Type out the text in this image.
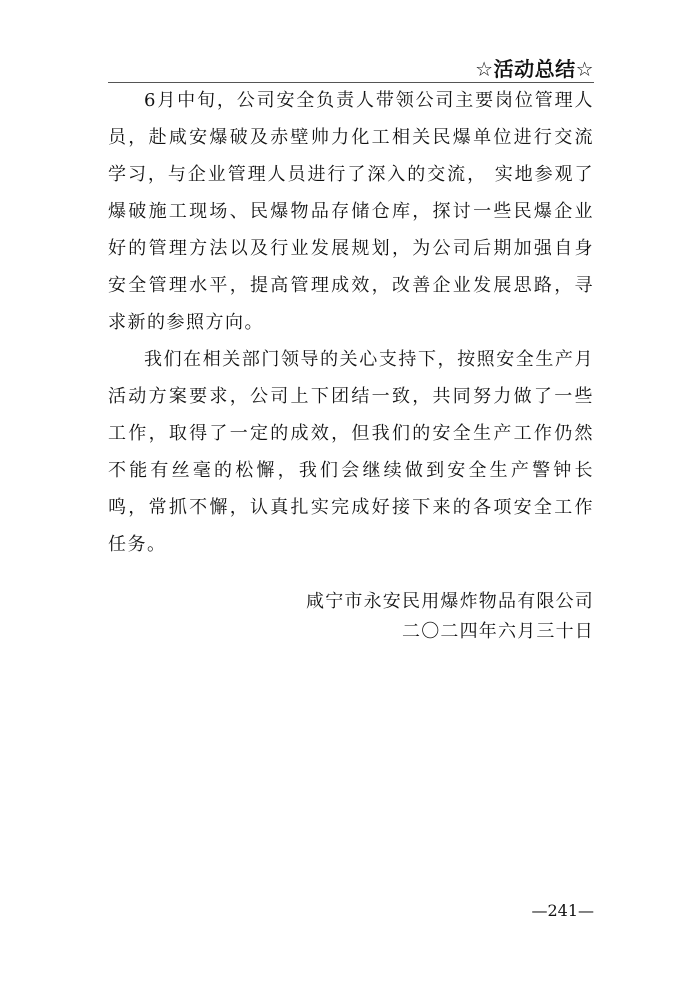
☆活动总结☆

6月中旬，公司安全负责人带领公司主要岗位管理人员，赴咸安爆破及赤壁帅力化工相关民爆单位进行交流学习，与企业管理人员进行了深入的交流， 实地参观了爆破施工现场、民爆物品存储仓库，探讨一些民爆企业好的管理方法以及行业发展规划，为公司后期加强自身安全管理水平，提高管理成效，改善企业发展思路，寻求新的参照方向。

我们在相关部门领导的关心支持下，按照安全生产月活动方案要求，公司上下团结一致，共同努力做了一些工作，取得了一定的成效，但我们的安全生产工作仍然不能有丝毫的松懈，我们会继续做到安全生产警钟长鸣，常抓不懈，认真扎实完成好接下来的各项安全工作任务。

咸宁市永安民用爆炸物品有限公司

二〇二四年六月三十日

—241—
